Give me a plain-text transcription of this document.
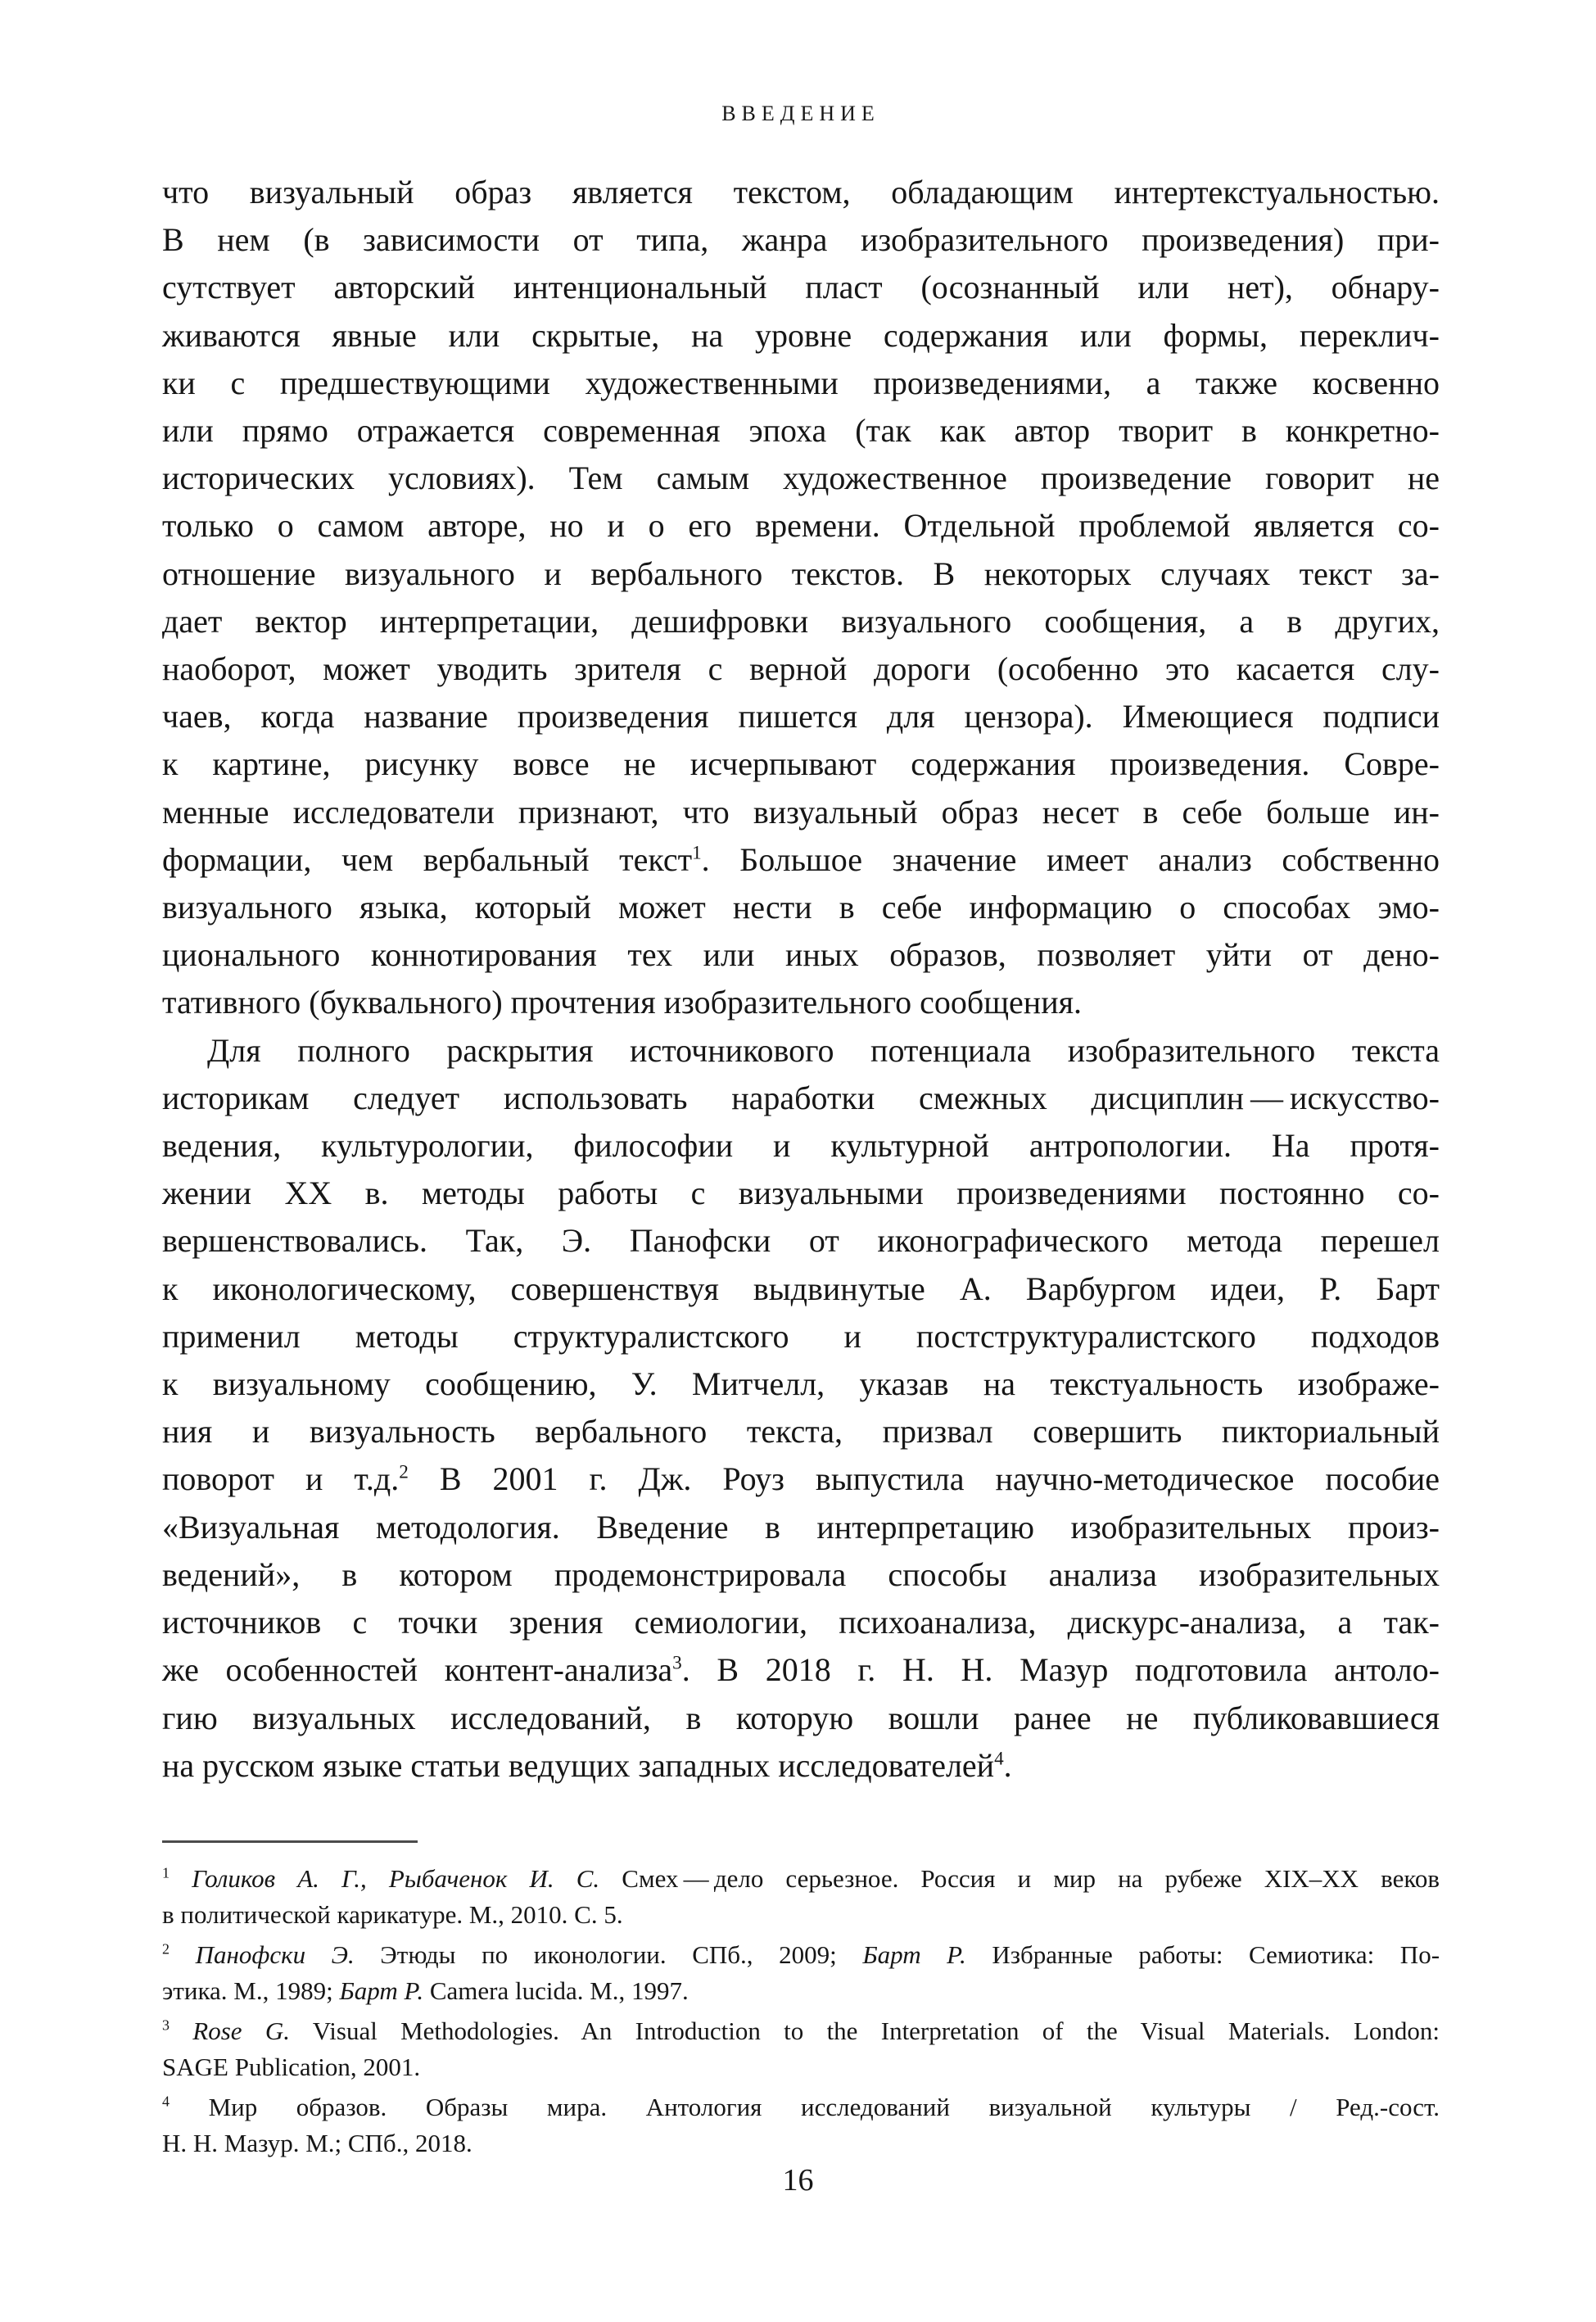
ВВЕДЕНИЕ
что визуальный образ является текстом, обладающим интертекстуальностью.
В нем (в зависимости от типа, жанра изобразительного произведения) при-
сутствует авторский интенциональный пласт (осознанный или нет), обнару-
живаются явные или скрытые, на уровне содержания или формы, переклич-
ки с предшествующими художественными произведениями, а также косвенно
или прямо отражается современная эпоха (так как автор творит в конкретно-
исторических условиях). Тем самым художественное произведение говорит не
только о самом авторе, но и о его времени. Отдельной проблемой является со-
отношение визуального и вербального текстов. В некоторых случаях текст за-
дает вектор интерпретации, дешифровки визуального сообщения, а в других,
наоборот, может уводить зрителя с верной дороги (особенно это касается слу-
чаев, когда название произведения пишется для цензора). Имеющиеся подписи
к картине, рисунку вовсе не исчерпывают содержания произведения. Совре-
менные исследователи признают, что визуальный образ несет в себе больше ин-
формации, чем вербальный текст$^1$. Большое значение имеет анализ собственно
визуального языка, который может нести в себе информацию о способах эмо-
ционального коннотирования тех или иных образов, позволяет уйти от дено-
тативного (буквального) прочтения изобразительного сообщения.
Для полного раскрытия источникового потенциала изобразительного текста
историкам следует использовать наработки смежных дисциплин — искусство-
ведения, культурологии, философии и культурной антропологии. На протя-
жении XX в. методы работы с визуальными произведениями постоянно со-
вершенствовались. Так, Э. Панофски от иконографического метода перешел
к иконологическому, совершенствуя выдвинутые А. Варбургом идеи, Р. Барт
применил методы структуралистского и постструктуралистского подходов
к визуальному сообщению, У. Митчелл, указав на текстуальность изображе-
ния и визуальность вербального текста, призвал совершить пикториальный
поворот и т.д.$^2$ В 2001 г. Дж. Роуз выпустила научно-методическое пособие
«Визуальная методология. Введение в интерпретацию изобразительных произ-
ведений», в котором продемонстрировала способы анализа изобразительных
источников с точки зрения семиологии, психоанализа, дискурс-анализа, а так-
же особенностей контент-анализа$^3$. В 2018 г. Н. Н. Мазур подготовила антоло-
гию визуальных исследований, в которую вошли ранее не публиковавшиеся
на русском языке статьи ведущих западных исследователей$^4$.
$^1$ Голиков А. Г., Рыбаченок И. С. Смех — дело серьезное. Россия и мир на рубеже XIX–XX веков
в политической карикатуре. М., 2010. С. 5.
$^2$ Панофски Э. Этюды по иконологии. СПб., 2009; Барт Р. Избранные работы: Семиотика: По-
этика. М., 1989; Барт Р. Camera lucida. М., 1997.
$^3$ Rose G. Visual Methodologies. An Introduction to the Interpretation of the Visual Materials. London:
SAGE Publication, 2001.
$^4$ Мир образов. Образы мира. Антология исследований визуальной культуры / Ред.-сост.
Н. Н. Мазур. М.; СПб., 2018.
16
